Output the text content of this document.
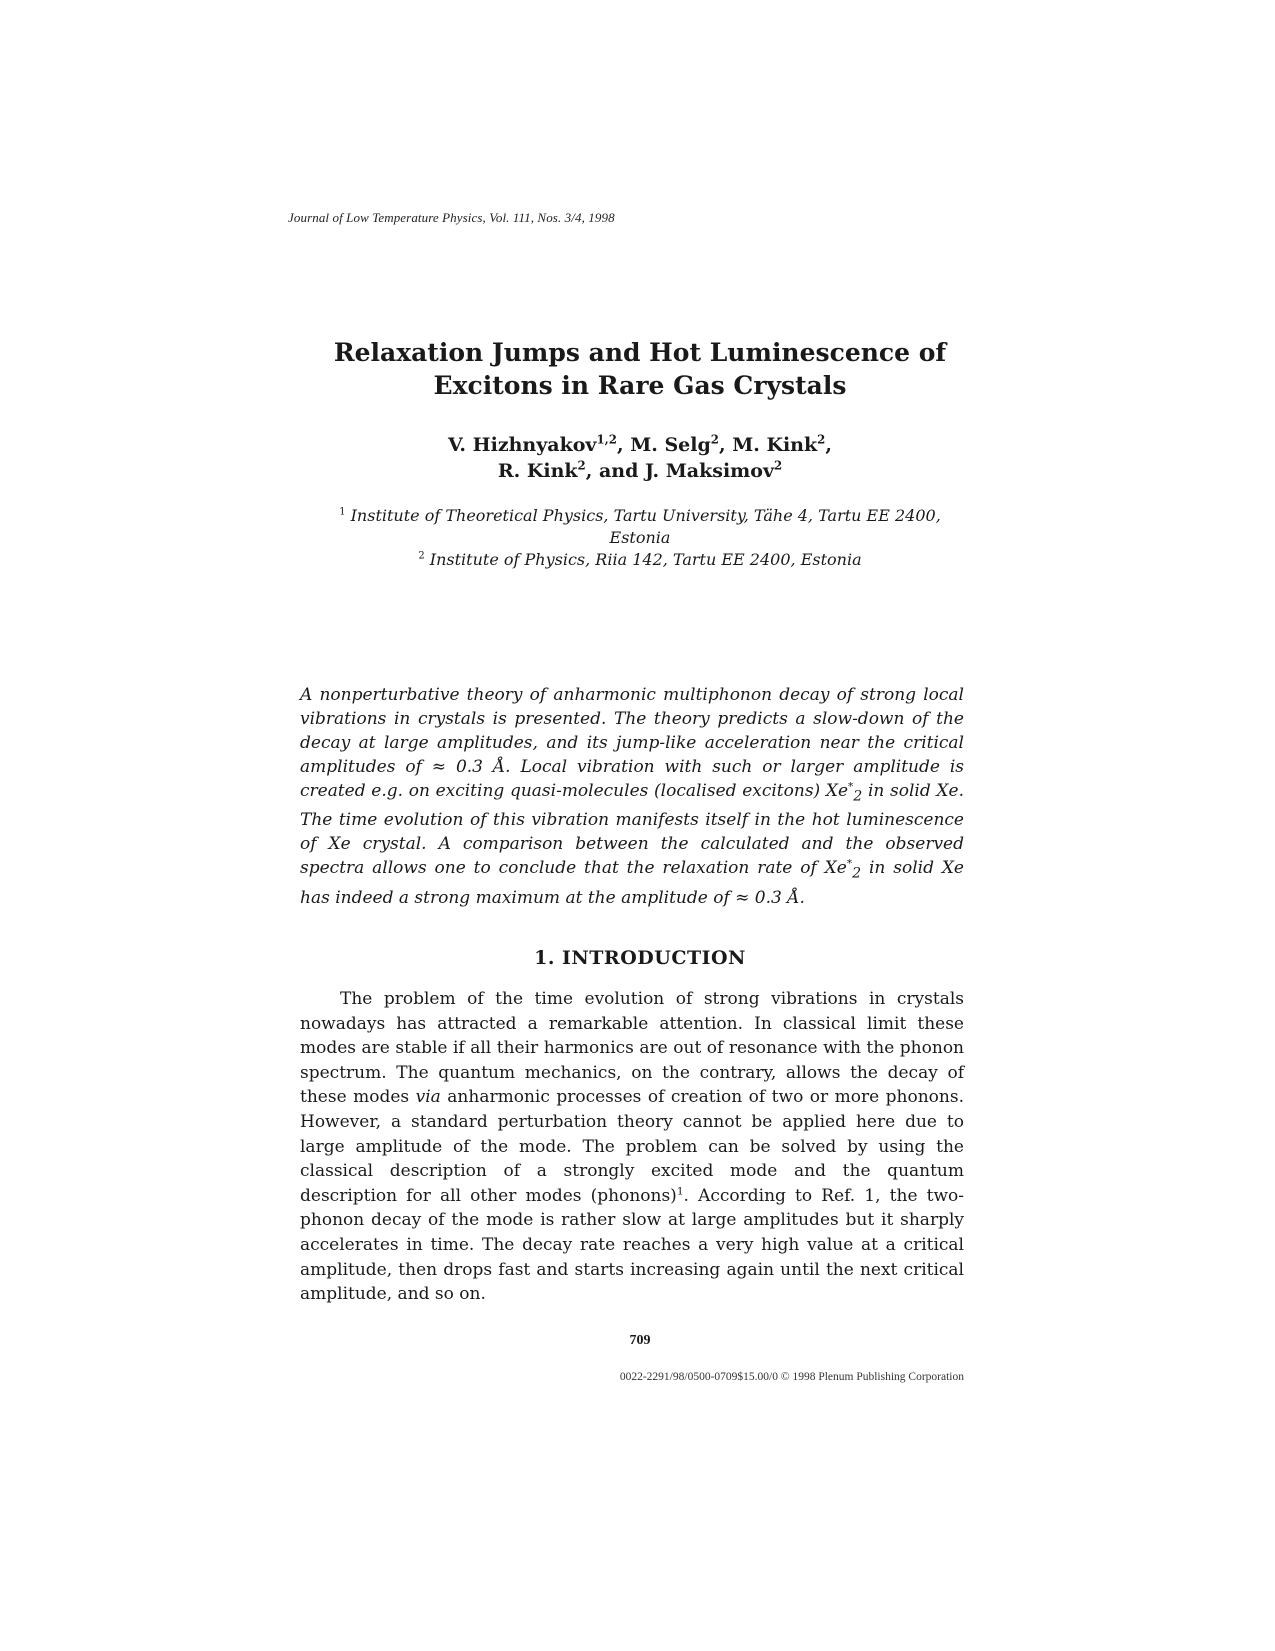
Journal of Low Temperature Physics, Vol. 111, Nos. 3/4, 1998
Relaxation Jumps and Hot Luminescence of
Excitons in Rare Gas Crystals
V. Hizhnyakov$^{1,2}$, M. Selg$^2$, M. Kink$^2$,
R. Kink$^2$, and J. Maksimov$^2$
$^1$ Institute of Theoretical Physics, Tartu University, Tähe 4, Tartu EE 2400,
Estonia
$^2$ Institute of Physics, Riia 142, Tartu EE 2400, Estonia
A nonperturbative theory of anharmonic multiphonon decay of strong local vibrations in crystals is presented. The theory predicts a slow-down of the decay at large amplitudes, and its jump-like acceleration near the critical amplitudes of ≈ 0.3 Å. Local vibration with such or larger amplitude is created e.g. on exciting quasi-molecules (localised excitons) $Xe^*_2$ in solid Xe. The time evolution of this vibration manifests itself in the hot luminescence of Xe crystal. A comparison between the calculated and the observed spectra allows one to conclude that the relaxation rate of $Xe^*_2$ in solid Xe has indeed a strong maximum at the amplitude of ≈ 0.3 Å.
1. INTRODUCTION
The problem of the time evolution of strong vibrations in crystals nowadays has attracted a remarkable attention. In classical limit these modes are stable if all their harmonics are out of resonance with the phonon spectrum. The quantum mechanics, on the contrary, allows the decay of these modes via anharmonic processes of creation of two or more phonons. However, a standard perturbation theory cannot be applied here due to large amplitude of the mode. The problem can be solved by using the classical description of a strongly excited mode and the quantum description for all other modes (phonons)$^1$. According to Ref. 1, the two-phonon decay of the mode is rather slow at large amplitudes but it sharply accelerates in time. The decay rate reaches a very high value at a critical amplitude, then drops fast and starts increasing again until the next critical amplitude, and so on.
709
0022-2291/98/0500-0709$15.00/0 © 1998 Plenum Publishing Corporation
